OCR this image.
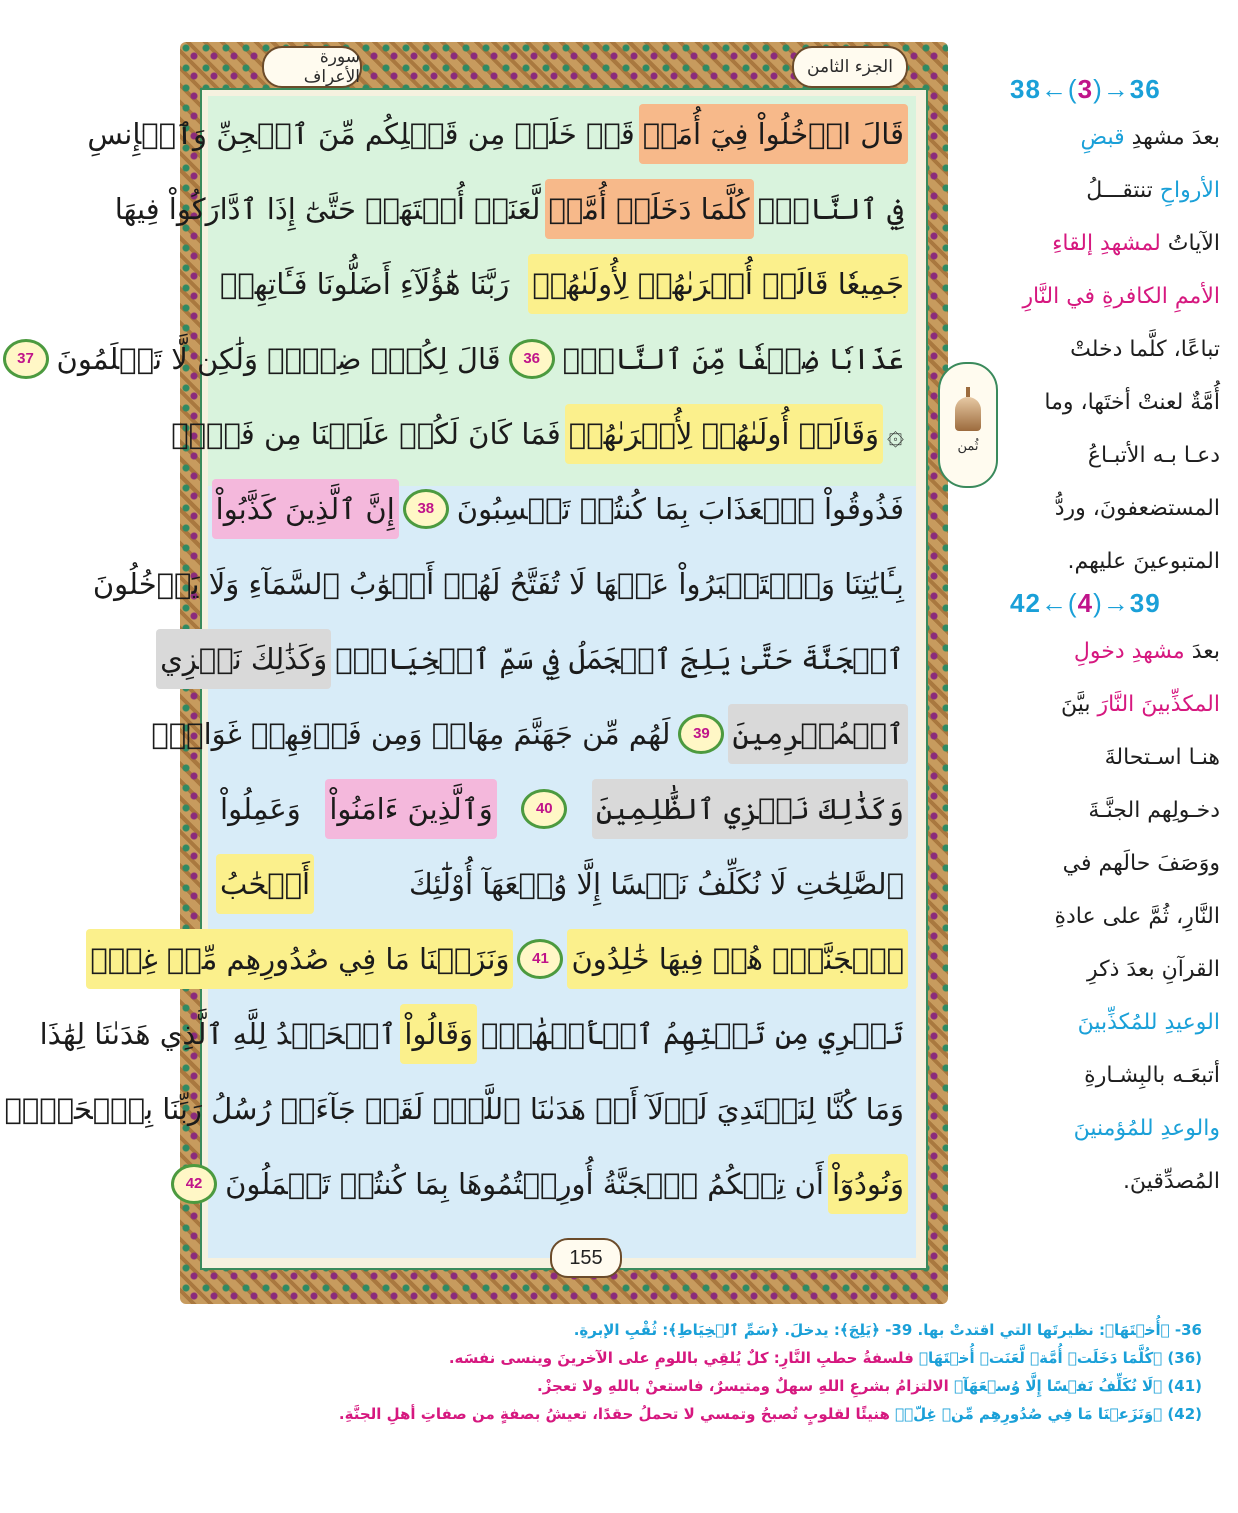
سورة الأعراف	الجزء الثامن
ثُمن
قَالَ ادۡخُلُواْ فِيٓ أُمَمٖ
قَدۡ خَلَتۡ مِن قَبۡلِكُم مِّنَ ٱلۡجِنِّ وَٱلۡإِنسِ
فِي ٱلنَّارِۖ
كُلَّمَا دَخَلَتۡ أُمَّةٞ
لَّعَنَتۡ أُخۡتَهَاۖ حَتَّىٰٓ إِذَا ٱدَّارَكُواْ فِيهَا
جَمِيعٗا قَالَتۡ أُخۡرَىٰهُمۡ لِأُولَىٰهُمۡ
رَبَّنَا هَٰٓؤُلَآءِ أَضَلُّونَا فَـَٔاتِهِمۡ
عَذَابٗا ضِعۡفٗا مِّنَ ٱلنَّارِۖ
36
قَالَ لِكُلّٖ ضِعۡفٞ وَلَٰكِن لَّا تَعۡلَمُونَ
37
۞
وَقَالَتۡ أُولَىٰهُمۡ لِأُخۡرَىٰهُمۡ
فَمَا كَانَ لَكُمۡ عَلَيۡنَا مِن فَضۡلٖ
فَذُوقُواْ ٱلۡعَذَابَ بِمَا كُنتُمۡ تَكۡسِبُونَ
38
إِنَّ ٱلَّذِينَ كَذَّبُواْ
بِـَٔايَٰتِنَا وَٱسۡتَكۡبَرُواْ عَنۡهَا لَا تُفَتَّحُ لَهُمۡ أَبۡوَٰبُ ٱلسَّمَآءِ وَلَا يَدۡخُلُونَ
ٱلۡجَنَّةَ حَتَّىٰ يَلِجَ ٱلۡجَمَلُ فِي سَمِّ ٱلۡخِيَاطِۚ
وَكَذَٰلِكَ نَجۡزِي
ٱلۡمُجۡرِمِينَ
39
لَهُم مِّن جَهَنَّمَ مِهَادٞ وَمِن فَوۡقِهِمۡ غَوَاشٖۚ
وَكَذَٰلِكَ نَجۡزِي ٱلظَّٰلِمِينَ
40
وَٱلَّذِينَ ءَامَنُواْ
وَعَمِلُواْ
ٱلصَّٰلِحَٰتِ لَا نُكَلِّفُ نَفۡسًا إِلَّا وُسۡعَهَآ أُوْلَٰٓئِكَ
أَصۡحَٰبُ
ٱلۡجَنَّةِۖ هُمۡ فِيهَا خَٰلِدُونَ
41
وَنَزَعۡنَا مَا فِي صُدُورِهِم مِّنۡ غِلّٖ
تَجۡرِي مِن تَحۡتِهِمُ ٱلۡأَنۡهَٰرُۖ
وَقَالُواْ
ٱلۡحَمۡدُ لِلَّهِ ٱلَّذِي هَدَىٰنَا لِهَٰذَا
وَمَا كُنَّا لِنَهۡتَدِيَ لَوۡلَآ أَنۡ هَدَىٰنَا ٱللَّهُۖ لَقَدۡ جَآءَتۡ رُسُلُ رَبِّنَا بِٱلۡحَقِّۖ
وَنُودُوٓاْ
أَن تِلۡكُمُ ٱلۡجَنَّةُ أُورِثۡتُمُوهَا بِمَا كُنتُمۡ تَعۡمَلُونَ
42
155
38←(3)→36
بعدَ مشهدِ قبضِ
الأرواحِ تنتقـــلُ
الآياتُ لمشهدِ إلقاءِ
الأممِ الكافرةِ في النَّارِ
تباعًا، كلَّما دخلتْ
أُمَّةٌ لعنتْ أختَها، وما
دعـا بـه الأتبـاعُ
المستضعفونَ، وردُّ
المتبوعينَ عليهم.
42←(4)→39
بعدَ مشهدِ دخولِ
المكذِّبينَ النَّارَ بيَّنَ
هنـا اسـتحالةَ
دخـولِهم الجنَّـةَ
ووَصَفَ حالَهم في
النَّارِ، ثُمَّ على عادةِ
القرآنِ بعدَ ذكرِ
الوعيدِ للمُكذِّبينَ
أتبعَـه بالبِشـارةِ
والوعدِ للمُؤمنينَ
المُصدِّقينَ.
36- ﴿أُخۡتَهَا﴾: نظيرتَها التي اقتدتْ بها. 39- ﴿يَلِجَ﴾: يدخلَ. ﴿سَمِّ ٱلۡخِيَاطِ﴾: ثُقْبِ الإبرةِ.
(36) ﴿كُلَّمَا دَخَلَتۡ أُمَّةٞ لَّعَنَتۡ أُخۡتَهَا﴾ فلسفةُ حطبِ النَّارِ: كلٌ يُلقِي باللومِ على الآخرينَ وينسى نفسَه.
(41) ﴿لَا نُكَلِّفُ نَفۡسًا إِلَّا وُسۡعَهَآ﴾ الالتزامُ بشرعِ اللهِ سهلٌ ومتيسرٌ، فاستعنْ باللهِ ولا تعجزْ.
(42) ﴿وَنَزَعۡنَا مَا فِي صُدُورِهِم مِّنۡ غِلّٖ﴾ هنيئًا لقلوبٍ تُصبحُ وتمسي لا تحملُ حقدًا، تعيشُ بصفةٍ من صفاتِ أهلِ الجنَّةِ.
